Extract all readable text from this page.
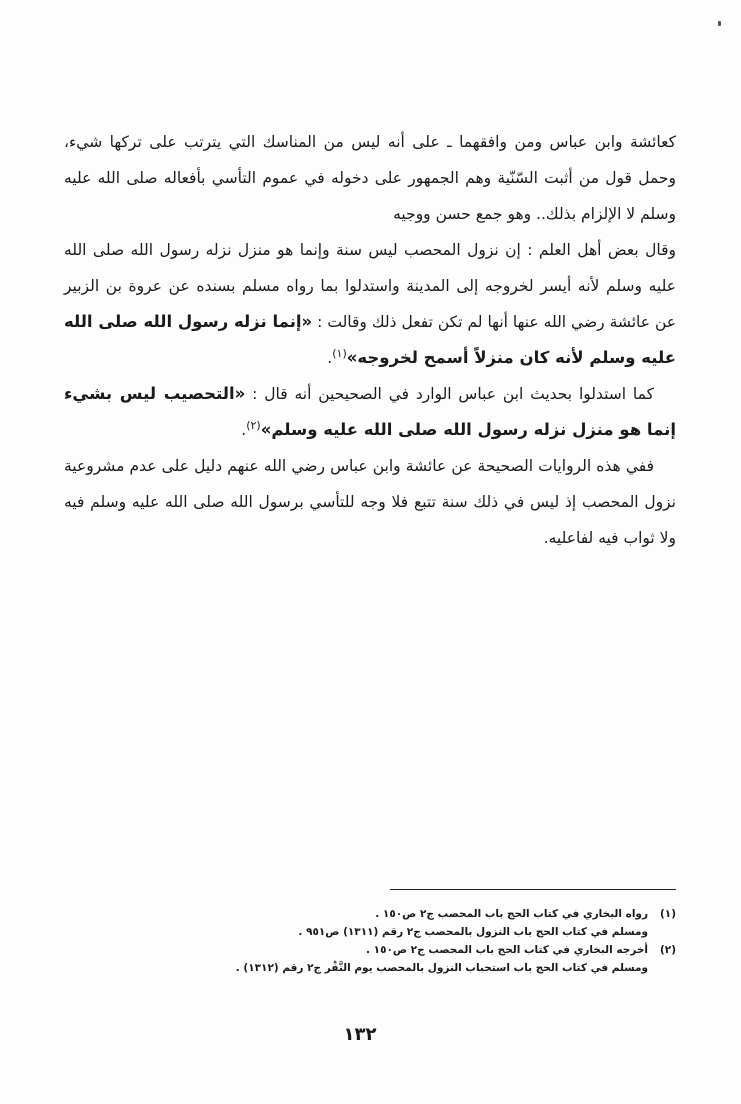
كعائشة وابن عباس ومن وافقهما ـ على أنه ليس من المناسك التي يترتب على تركها شيء، وحمل قول من أثبت السّنّية وهم الجمهور على دخوله في عموم التأسي بأفعاله صلى الله عليه وسلم لا الإلزام بذلك.. وهو جمع حسن ووجيه

وقال بعض أهل العلم : إن نزول المحصب ليس سنة وإنما هو منزل نزله رسول الله صلى الله عليه وسلم لأنه أيسر لخروجه إلى المدينة واستدلوا بما رواه مسلم بسنده عن عروة بن الزبير عن عائشة رضي الله عنها أنها لم تكن تفعل ذلك وقالت : «إنما نزله رسول الله صلى الله عليه وسلم لأنه كان منزلاً أسمح لخروجه»$^{(١)}$.

كما استدلوا بحديث ابن عباس الوارد في الصحيحين أنه قال : «التحصيب ليس بشيء إنما هو منزل نزله رسول الله صلى الله عليه وسلم»$^{(٢)}$.

ففي هذه الروايات الصحيحة عن عائشة وابن عباس رضي الله عنهم دليل على عدم مشروعية نزول المحصب إذ ليس في ذلك سنة تتبع فلا وجه للتأسي برسول الله صلى الله عليه وسلم فيه ولا ثواب فيه لفاعليه.

(١)
رواه البخاري في كتاب الحج باب المحصب ج٢ ص١٥٠ .
ومسلم في كتاب الحج باب النزول بالمحصب ج٢ رقم (١٣١١) ص٩٥١ .
(٢)
أخرجه البخاري في كتاب الحج باب المحصب ج٢ ص١٥٠ .
ومسلم في كتاب الحج باب استحباب النزول بالمحصب يوم النَّفْر ج٢ رقم (١٣١٢) .
١٣٢
